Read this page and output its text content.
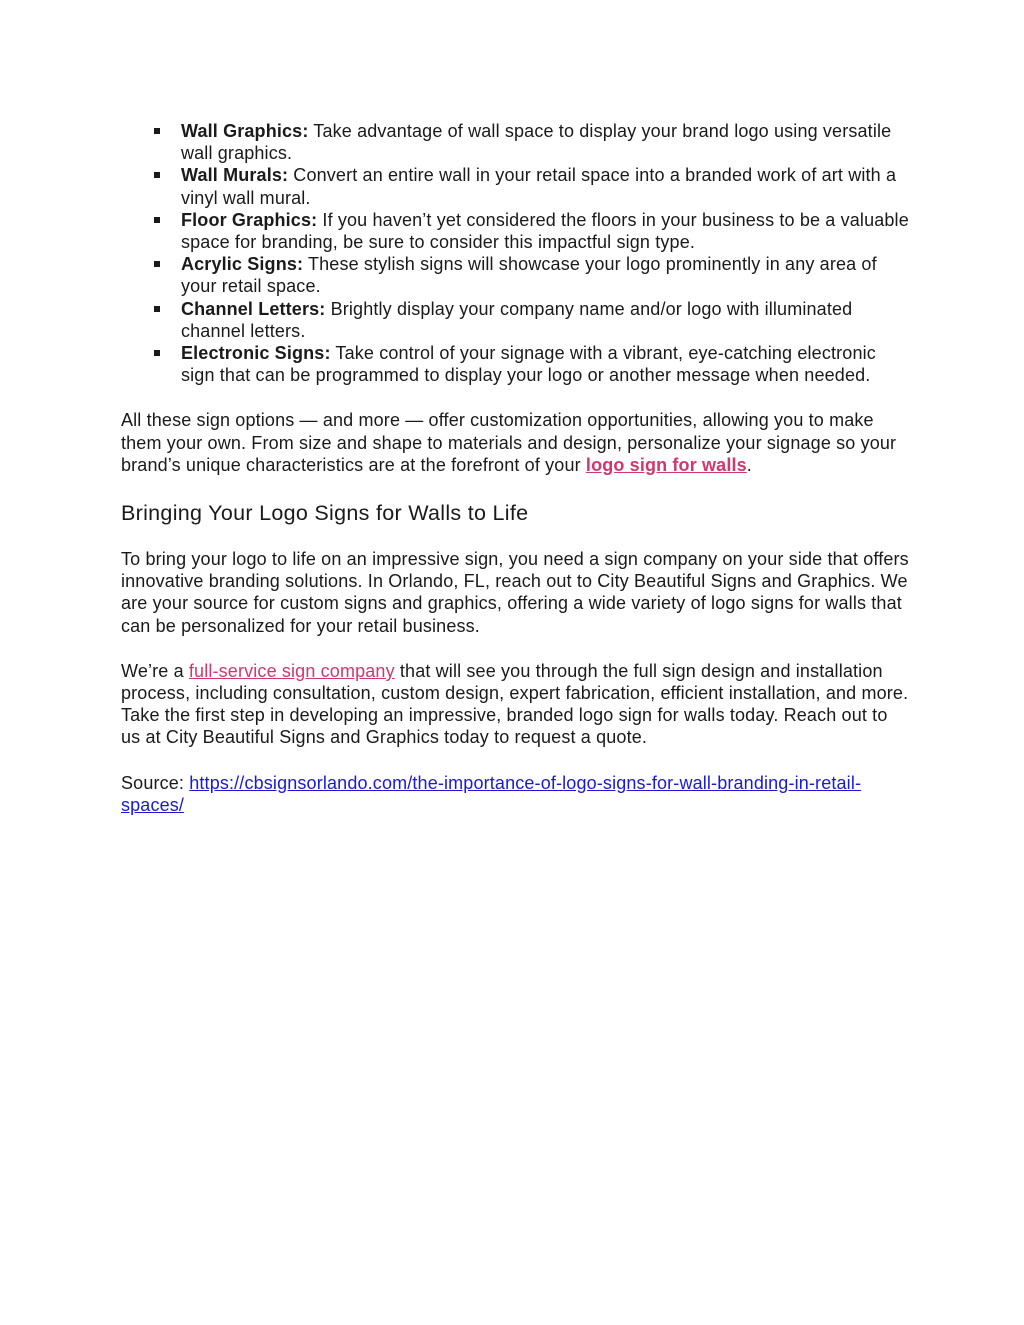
Wall Graphics: Take advantage of wall space to display your brand logo using versatile wall graphics.
Wall Murals: Convert an entire wall in your retail space into a branded work of art with a vinyl wall mural.
Floor Graphics: If you haven’t yet considered the floors in your business to be a valuable space for branding, be sure to consider this impactful sign type.
Acrylic Signs: These stylish signs will showcase your logo prominently in any area of your retail space.
Channel Letters: Brightly display your company name and/or logo with illuminated channel letters.
Electronic Signs: Take control of your signage with a vibrant, eye-catching electronic sign that can be programmed to display your logo or another message when needed.

All these sign options — and more — offer customization opportunities, allowing you to make them your own. From size and shape to materials and design, personalize your signage so your brand’s unique characteristics are at the forefront of your logo sign for walls.

Bringing Your Logo Signs for Walls to Life

To bring your logo to life on an impressive sign, you need a sign company on your side that offers innovative branding solutions. In Orlando, FL, reach out to City Beautiful Signs and Graphics. We are your source for custom signs and graphics, offering a wide variety of logo signs for walls that can be personalized for your retail business.

We’re a full-service sign company that will see you through the full sign design and installation process, including consultation, custom design, expert fabrication, efficient installation, and more. Take the first step in developing an impressive, branded logo sign for walls today. Reach out to us at City Beautiful Signs and Graphics today to request a quote.

Source: https://cbsignsorlando.com/the-importance-of-logo-signs-for-wall-branding-in-retail-spaces/
